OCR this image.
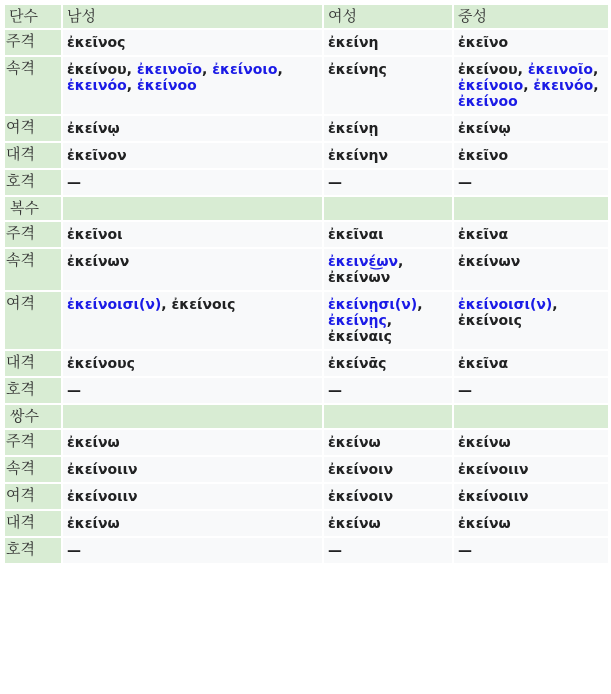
단수	남성	여성	중성
주격	ἐκεῖνος	ἐκείνη	ἐκεῖνο
속격	ἐκείνου, ἐκεινοῖο, ἐκείνοιο, ἐκεινόο, ἐκείνοο	ἐκείνης	ἐκείνου, ἐκεινοῖο, ἐκείνοιο, ἐκεινόο, ἐκείνοο
여격	ἐκείνῳ	ἐκείνῃ	ἐκείνῳ
대격	ἐκεῖνον	ἐκείνην	ἐκεῖνο
호격	—	—	—
복수			
주격	ἐκεῖνοι	ἐκεῖναι	ἐκεῖνα
속격	ἐκείνων	ἐκεινέ͜ων, ἐκείνων	ἐκείνων
여격	ἐκείνοισι(ν), ἐκείνοις	ἐκείνῃσι(ν), ἐκείνῃς, ἐκείναις	ἐκείνοισι(ν), ἐκείνοις
대격	ἐκείνους	ἐκείνᾱς	ἐκεῖνα
호격	—	—	—
쌍수			
주격	ἐκείνω	ἐκείνω	ἐκείνω
속격	ἐκείνοιιν	ἐκείνοιν	ἐκείνοιιν
여격	ἐκείνοιιν	ἐκείνοιν	ἐκείνοιιν
대격	ἐκείνω	ἐκείνω	ἐκείνω
호격	—	—	—
